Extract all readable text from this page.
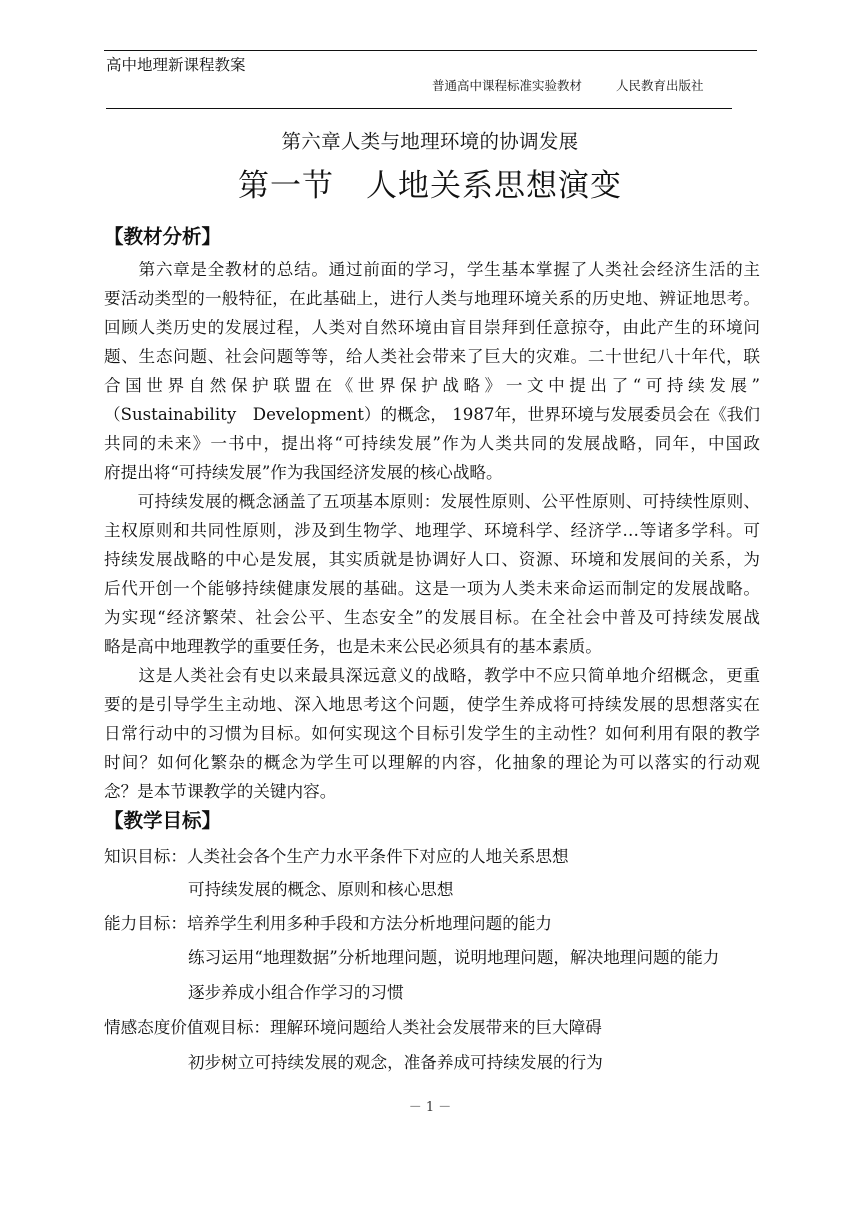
高中地理新课程教案
普通高中课程标准实验教材	人民教育出版社
第六章人类与地理环境的协调发展
第一节　人地关系思想演变
【教材分析】
　　第六章是全教材的总结。通过前面的学习，学生基本掌握了人类社会经济生活的主
要活动类型的一般特征，在此基础上，进行人类与地理环境关系的历史地、辨证地思考。
回顾人类历史的发展过程，人类对自然环境由盲目崇拜到任意掠夺，由此产生的环境问
题、生态问题、社会问题等等，给人类社会带来了巨大的灾难。二十世纪八十年代，联
合国世界自然保护联盟在《世界保护战略》一文中提出了“可持续发展”
（Sustainability　Development）的概念， 1987年，世界环境与发展委员会在《我们
共同的未来》一书中，提出将“可持续发展”作为人类共同的发展战略，同年，中国政
府提出将“可持续发展”作为我国经济发展的核心战略。
　　可持续发展的概念涵盖了五项基本原则：发展性原则、公平性原则、可持续性原则、
主权原则和共同性原则，涉及到生物学、地理学、环境科学、经济学…等诸多学科。可
持续发展战略的中心是发展，其实质就是协调好人口、资源、环境和发展间的关系，为
后代开创一个能够持续健康发展的基础。这是一项为人类未来命运而制定的发展战略。
为实现“经济繁荣、社会公平、生态安全”的发展目标。在全社会中普及可持续发展战
略是高中地理教学的重要任务，也是未来公民必须具有的基本素质。
　　这是人类社会有史以来最具深远意义的战略，教学中不应只简单地介绍概念，更重
要的是引导学生主动地、深入地思考这个问题，使学生养成将可持续发展的思想落实在
日常行动中的习惯为目标。如何实现这个目标引发学生的主动性？如何利用有限的教学
时间？如何化繁杂的概念为学生可以理解的内容，化抽象的理论为可以落实的行动观
念？是本节课教学的关键内容。
【教学目标】
知识目标：人类社会各个生产力水平条件下对应的人地关系思想
可持续发展的概念、原则和核心思想
能力目标：培养学生利用多种手段和方法分析地理问题的能力
练习运用“地理数据”分析地理问题，说明地理问题，解决地理问题的能力
逐步养成小组合作学习的习惯
情感态度价值观目标：理解环境问题给人类社会发展带来的巨大障碍
初步树立可持续发展的观念，准备养成可持续发展的行为
－ 1 －
